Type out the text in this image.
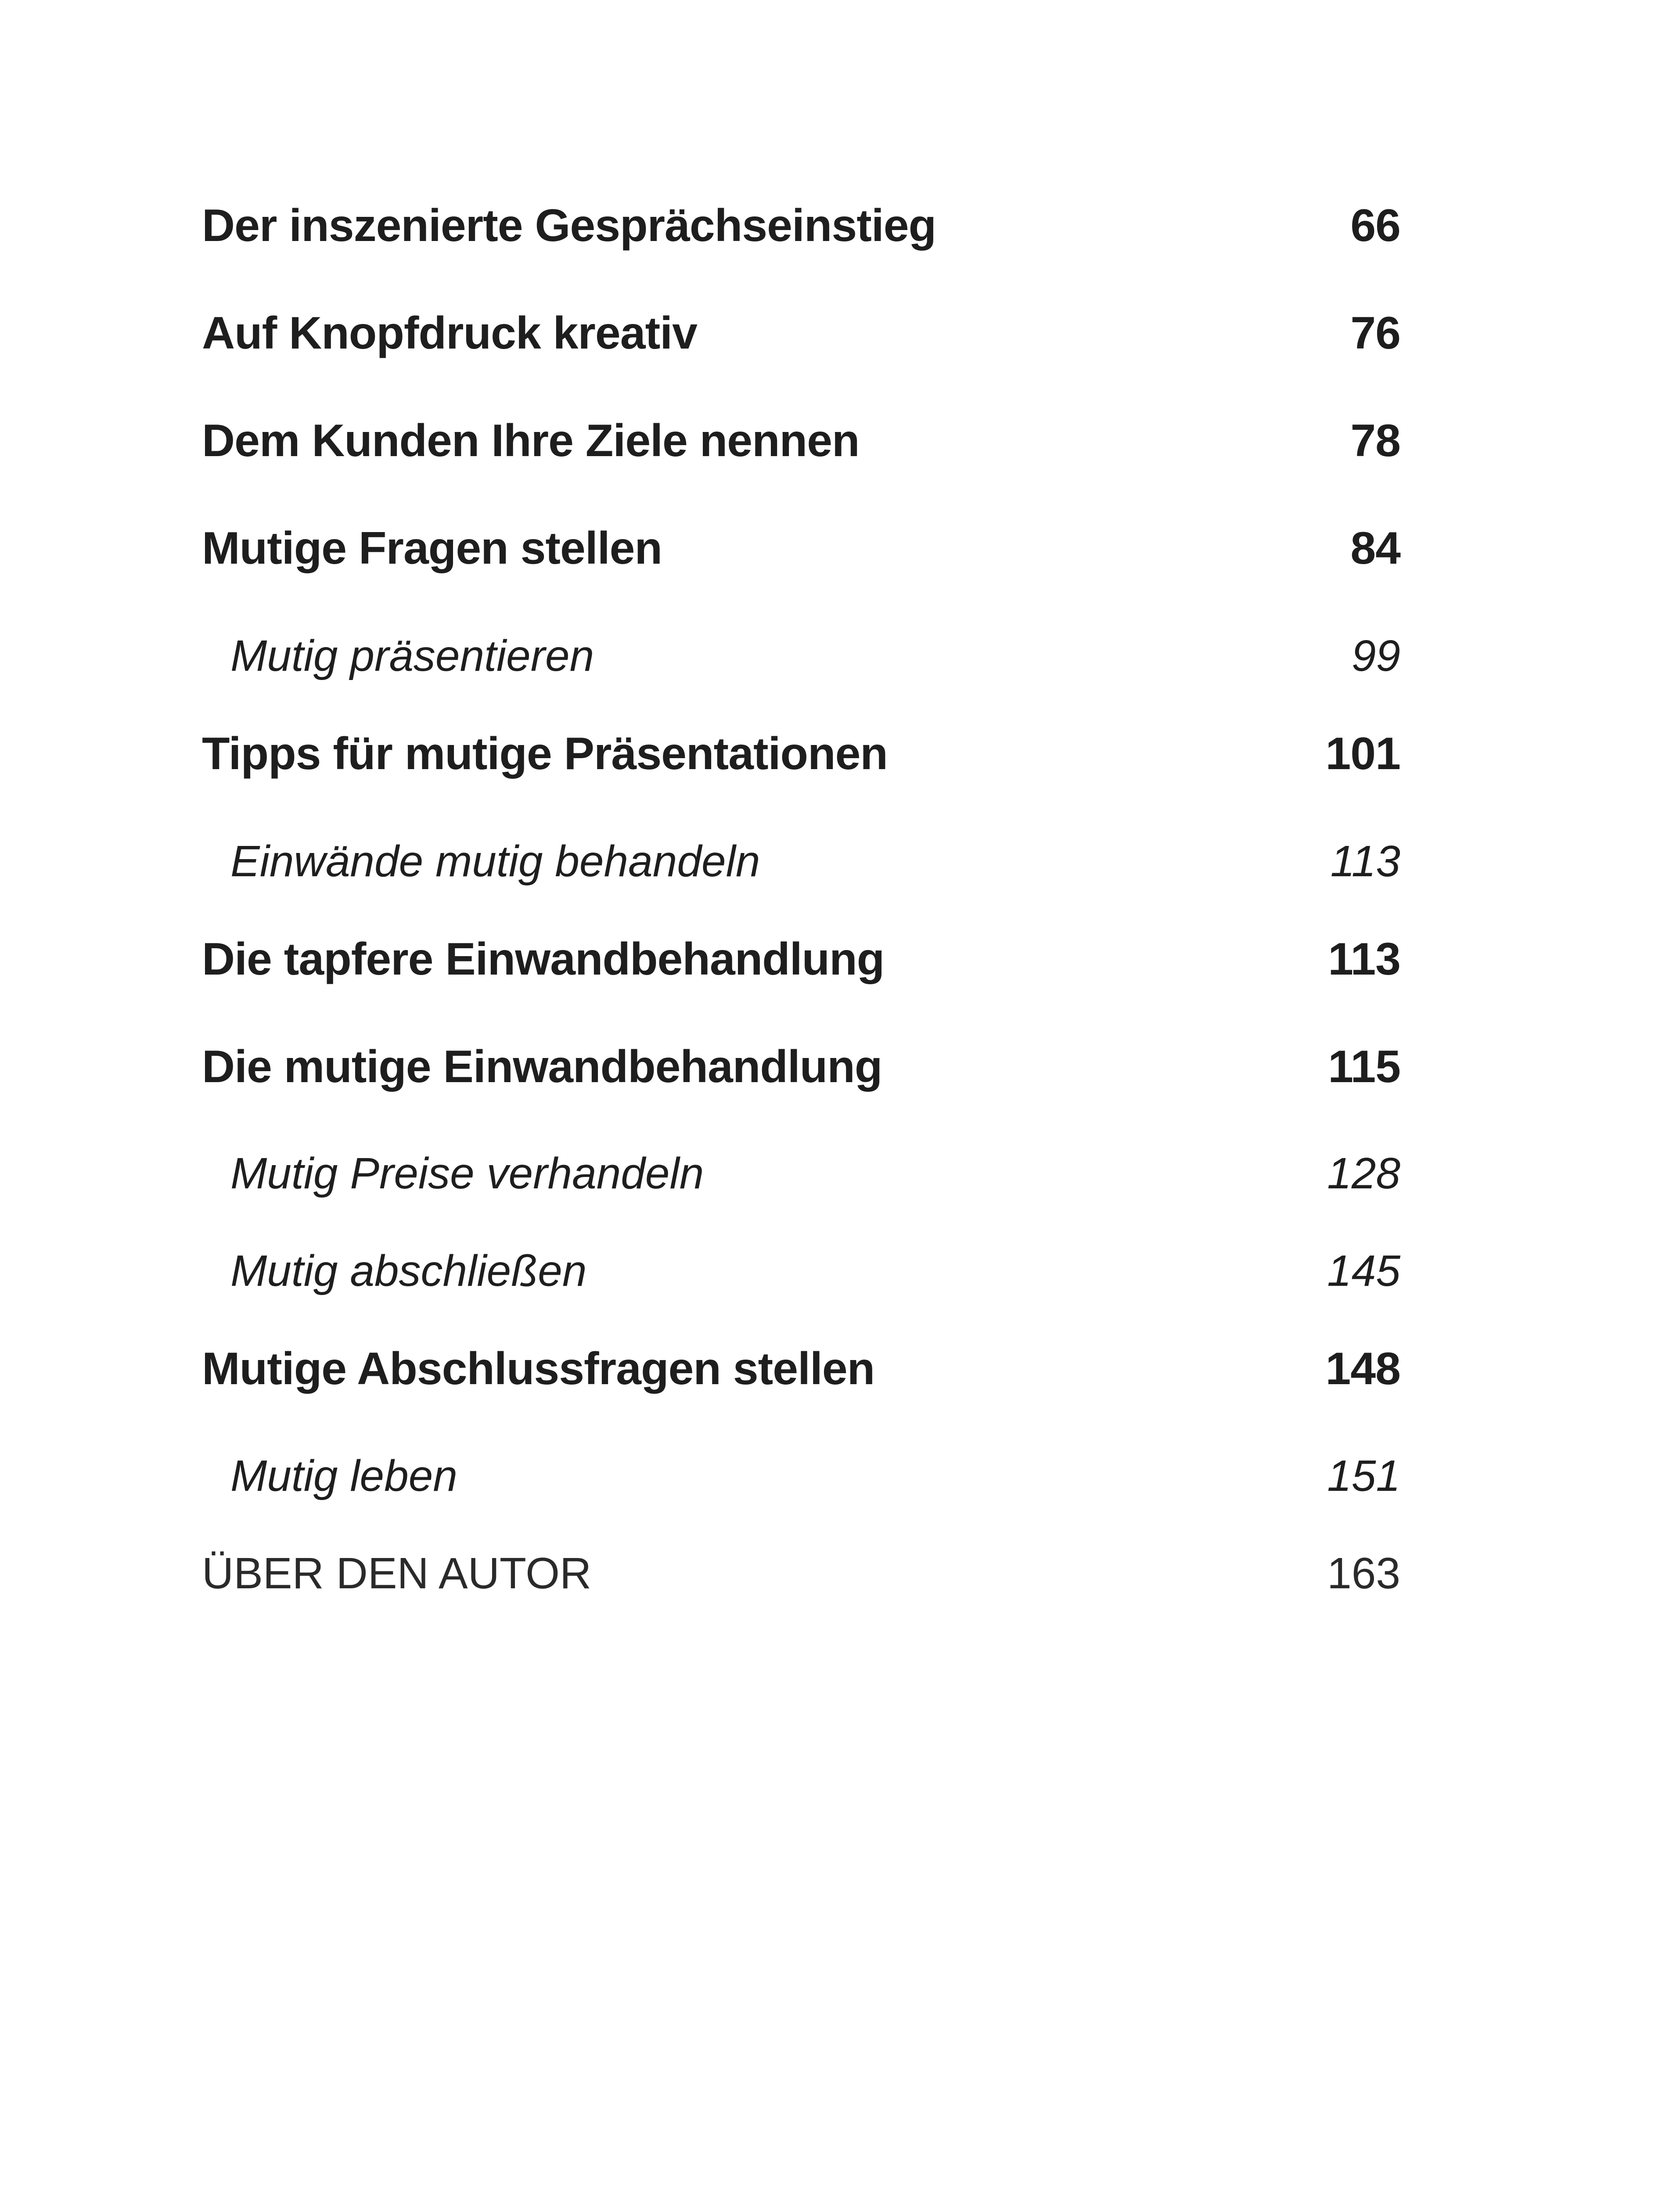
Der inszenierte Gesprächseinstieg	66
Auf Knopfdruck kreativ	76
Dem Kunden Ihre Ziele nennen	78
Mutige Fragen stellen	84
Mutig präsentieren	99
Tipps für mutige Präsentationen	101
Einwände mutig behandeln	113
Die tapfere Einwandbehandlung	113
Die mutige Einwandbehandlung	115
Mutig Preise verhandeln	128
Mutig abschließen	145
Mutige Abschlussfragen stellen	148
Mutig leben	151
ÜBER DEN AUTOR	163
